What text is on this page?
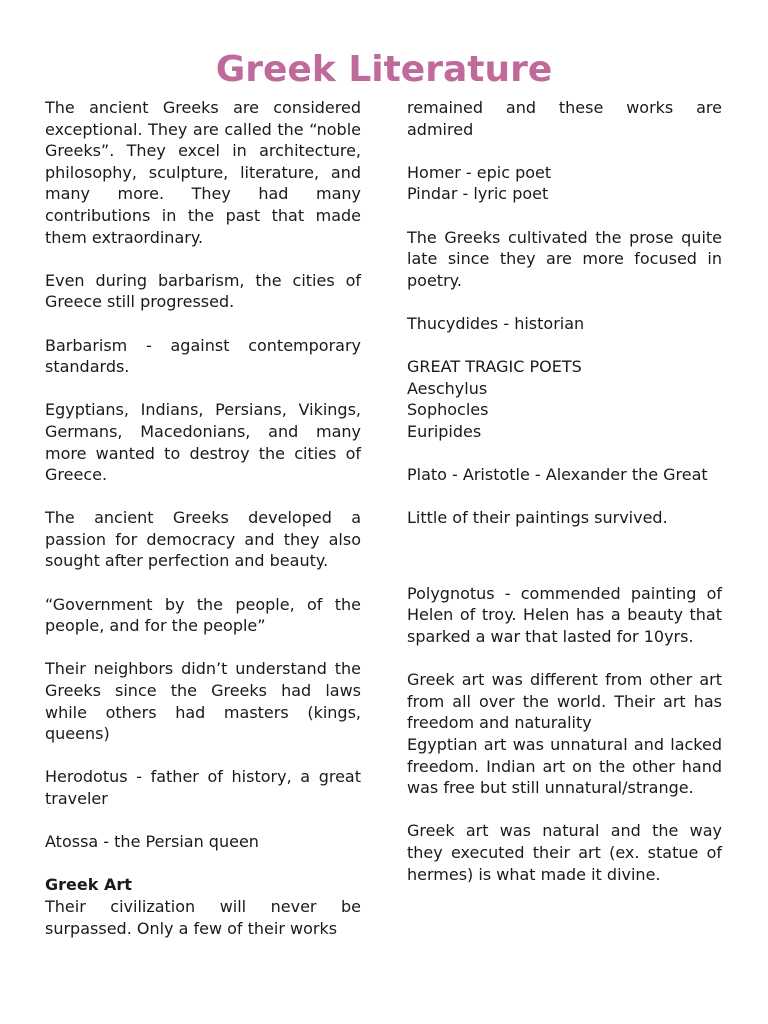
Greek Literature

The ancient Greeks are considered exceptional. They are called the “noble Greeks”. They excel in architecture, philosophy, sculpture, literature, and many more. They had many contributions in the past that made them extraordinary.

Even during barbarism, the cities of Greece still progressed.

Barbarism - against contemporary standards.

Egyptians, Indians, Persians, Vikings, Germans, Macedonians, and many more wanted to destroy the cities of Greece.

The ancient Greeks developed a passion for democracy and they also sought after perfection and beauty.

“Government by the people, of the people, and for the people”

Their neighbors didn’t understand the Greeks since the Greeks had laws while others had masters (kings, queens)

Herodotus - father of history, a great traveler

Atossa - the Persian queen

Greek Art
Their civilization will never be surpassed. Only a few of their works

remained and these works are admired

Homer - epic poet
Pindar - lyric poet

The Greeks cultivated the prose quite late since they are more focused in poetry.

Thucydides - historian

GREAT TRAGIC POETS
Aeschylus
Sophocles
Euripides

Plato - Aristotle - Alexander the Great

Little of their paintings survived.

Polygnotus - commended painting of Helen of troy. Helen has a beauty that sparked a war that lasted for 10yrs.

Greek art was different from other art from all over the world. Their art has freedom and naturality

Egyptian art was unnatural and lacked freedom. Indian art on the other hand was free but still unnatural/strange.

Greek art was natural and the way they executed their art (ex. statue of hermes) is what made it divine.
